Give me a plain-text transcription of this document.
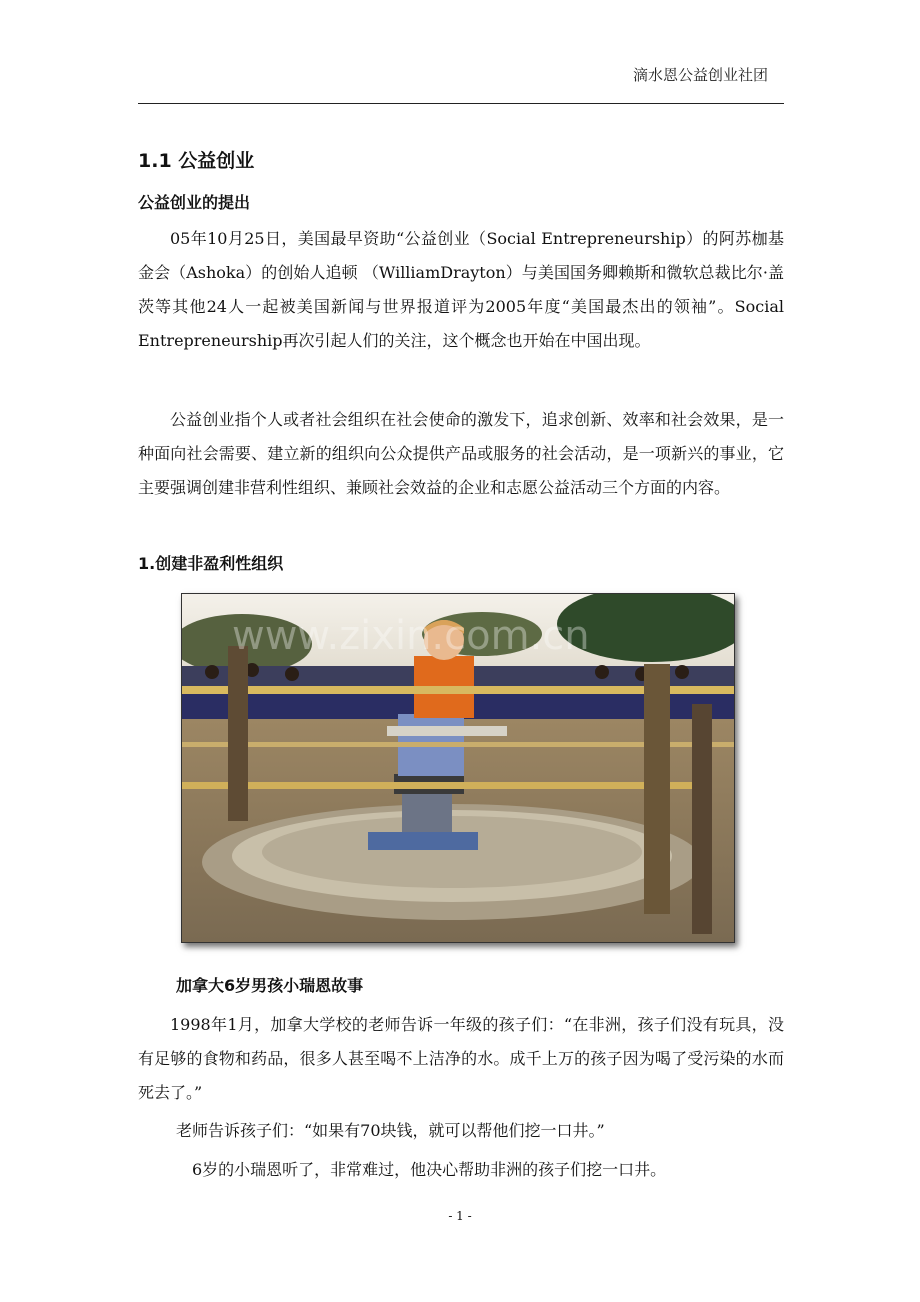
滴水恩公益创业社团
1.1 公益创业
公益创业的提出

05年10月25日，美国最早资助“公益创业（Social Entrepreneurship）的阿苏枷基金会（Ashoka）的创始人追顿 （WilliamDrayton）与美国国务卿赖斯和微软总裁比尔·盖茨等其他24人一起被美国新闻与世界报道评为2005年度“美国最杰出的领袖”。Social Entrepreneurship再次引起人们的关注，这个概念也开始在中国出现。

公益创业指个人或者社会组织在社会使命的激发下，追求创新、效率和社会效果，是一种面向社会需要、建立新的组织向公众提供产品或服务的社会活动，是一项新兴的事业，它主要强调创建非营利性组织、兼顾社会效益的企业和志愿公益活动三个方面的内容。

1.创建非盈利性组织
www.zixin.com.cn
加拿大6岁男孩小瑞恩故事

1998年1月，加拿大学校的老师告诉一年级的孩子们：“在非洲，孩子们没有玩具，没有足够的食物和药品，很多人甚至喝不上洁净的水。成千上万的孩子因为喝了受污染的水而死去了。”

老师告诉孩子们：“如果有70块钱，就可以帮他们挖一口井。”

6岁的小瑞恩听了，非常难过，他决心帮助非洲的孩子们挖一口井。

- 1 -
